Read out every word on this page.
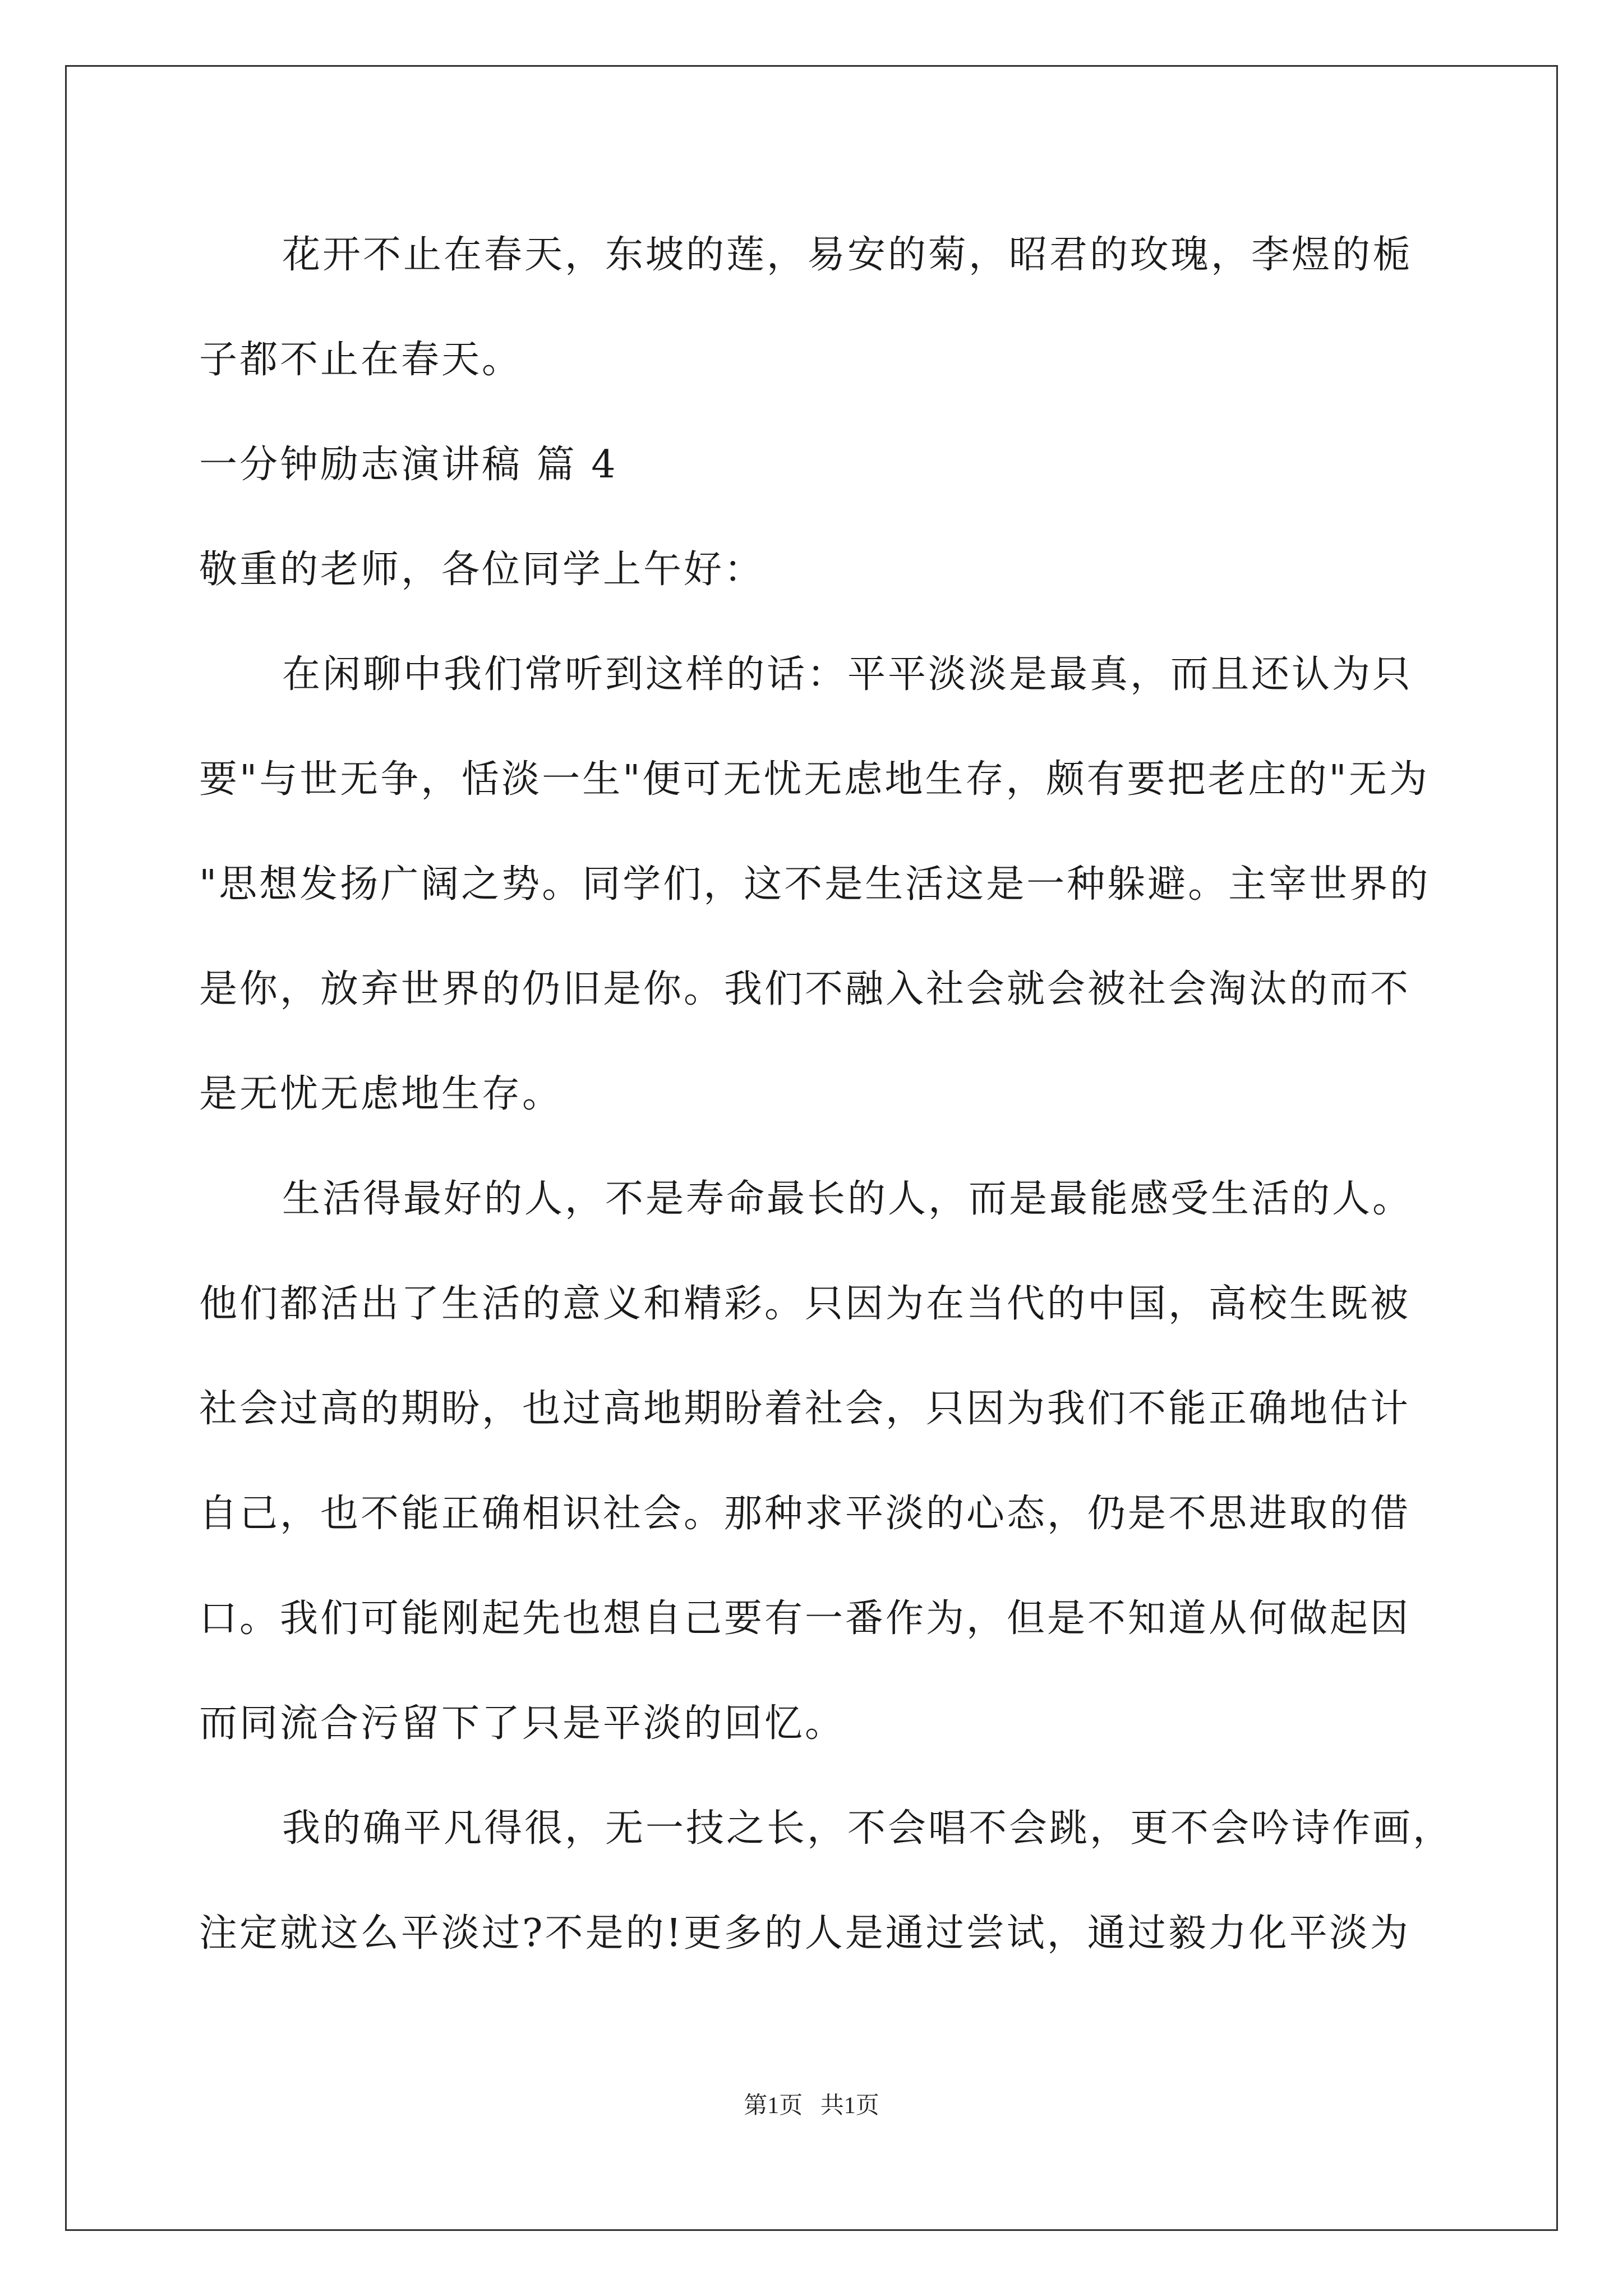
花开不止在春天，东坡的莲，易安的菊，昭君的玫瑰，李煜的栀
子都不止在春天。
一分钟励志演讲稿 篇 4
敬重的老师，各位同学上午好：
在闲聊中我们常听到这样的话：平平淡淡是最真，而且还认为只
要"与世无争，恬淡一生"便可无忧无虑地生存，颇有要把老庄的"无为
"思想发扬广阔之势。同学们，这不是生活这是一种躲避。主宰世界的
是你，放弃世界的仍旧是你。我们不融入社会就会被社会淘汰的而不
是无忧无虑地生存。
生活得最好的人，不是寿命最长的人，而是最能感受生活的人。
他们都活出了生活的意义和精彩。只因为在当代的中国，高校生既被
社会过高的期盼，也过高地期盼着社会，只因为我们不能正确地估计
自己，也不能正确相识社会。那种求平淡的心态，仍是不思进取的借
口。我们可能刚起先也想自己要有一番作为，但是不知道从何做起因
而同流合污留下了只是平淡的回忆。
我的确平凡得很，无一技之长，不会唱不会跳，更不会吟诗作画，
注定就这么平淡过?不是的!更多的人是通过尝试，通过毅力化平淡为
第1页   共1页
